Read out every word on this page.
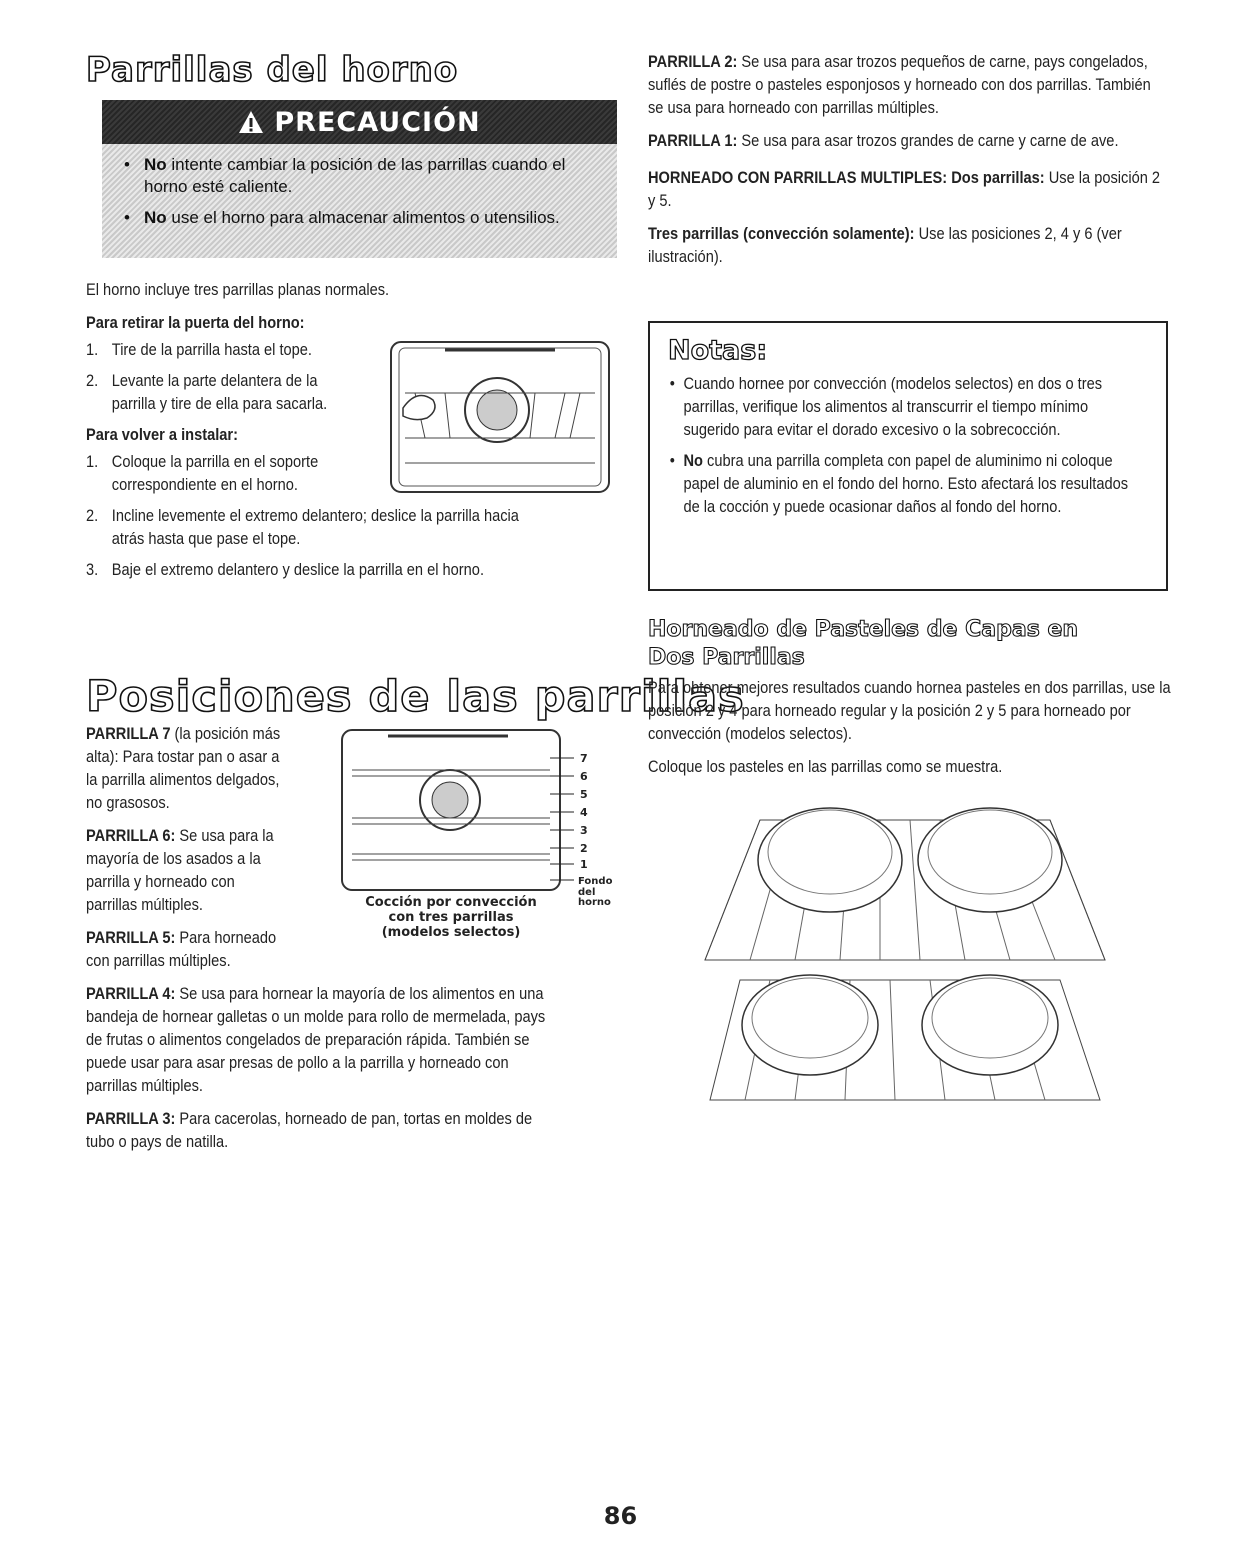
Parrillas del horno
PRECAUCIÓN
• No intente cambiar la posición de las parrillas cuando el horno esté caliente.
• No use el horno para almacenar alimentos o utensilios.
El horno incluye tres parrillas planas normales.
Para retirar la puerta del horno:
1. Tire de la parrilla hasta el tope.
2. Levante la parte delantera de la parrilla y tire de ella para sacarla.
Para volver a instalar:
1. Coloque la parrilla en el soporte correspondiente en el horno.
2. Incline levemente el extremo delantero; deslice la parrilla hacia atrás hasta que pase el tope.
3. Baje el extremo delantero y deslice la parrilla en el horno.
Posiciones de las parrillas

PARRILLA 7 (la posición más alta): Para tostar pan o asar a la parrilla alimentos delgados, no grasosos.

PARRILLA 6: Se usa para la mayoría de los asados a la parrilla y horneado con parrillas múltiples.

PARRILLA 5: Para horneado con parrillas múltiples.

PARRILLA 4: Se usa para hornear la mayoría de los alimentos en una bandeja de hornear galletas o un molde para rollo de mermelada, pays de frutas o alimentos congelados de preparación rápida. También se puede usar para asar presas de pollo a la parrilla y horneado con parrillas múltiples.

PARRILLA 3: Para cacerolas, horneado de pan, tortas en moldes de tubo o pays de natilla.

7
6
5
4
3
2
1
Fondo
del
horno
Cocción por convección
con tres parrillas
(modelos selectos)

PARRILLA 2: Se usa para asar trozos pequeños de carne, pays congelados, suflés de postre o pasteles esponjosos y horneado con dos parrillas. También se usa para horneado con parrillas múltiples.

PARRILLA 1: Se usa para asar trozos grandes de carne y carne de ave.

HORNEADO CON PARRILLAS MULTIPLES: Dos parrillas: Use la posición 2 y 5.

Tres parrillas (convección solamente): Use las posiciones 2, 4 y 6 (ver ilustración).

Notas:
• Cuando hornee por convección (modelos selectos) en dos o tres parrillas, verifique los alimentos al transcurrir el tiempo mínimo sugerido para evitar el dorado excesivo o la sobrecocción.
• No cubra una parrilla completa con papel de aluminimo ni coloque papel de aluminio en el fondo del horno. Esto afectará los resultados de la cocción y puede ocasionar daños al fondo del horno.
Horneado de Pasteles de Capas en
Dos Parrillas

Para obtener mejores resultados cuando hornea pasteles en dos parrillas, use la posición 2 y 4 para horneado regular y la posición 2 y 5 para horneado por convección (modelos selectos).

Coloque los pasteles en las parrillas como se muestra.

86
